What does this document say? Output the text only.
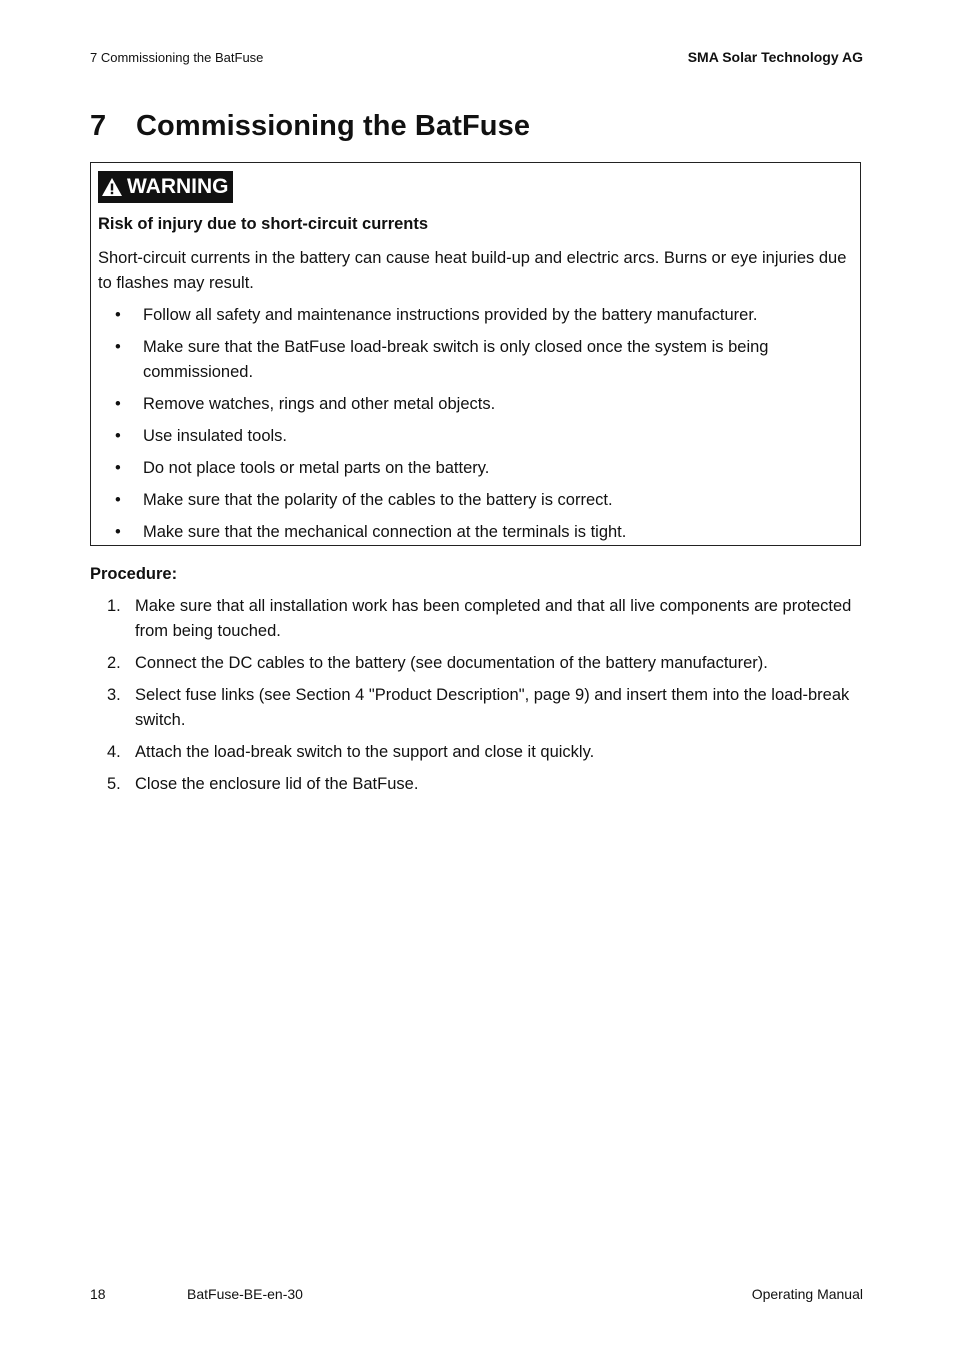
7 Commissioning the BatFuse	SMA Solar Technology AG
7 Commissioning the BatFuse
WARNING
Risk of injury due to short-circuit currents
Short-circuit currents in the battery can cause heat build-up and electric arcs. Burns or eye injuries due to flashes may result.
• Follow all safety and maintenance instructions provided by the battery manufacturer.
• Make sure that the BatFuse load-break switch is only closed once the system is being commissioned.
• Remove watches, rings and other metal objects.
• Use insulated tools.
• Do not place tools or metal parts on the battery.
• Make sure that the polarity of the cables to the battery is correct.
• Make sure that the mechanical connection at the terminals is tight.
Procedure:
1. Make sure that all installation work has been completed and that all live components are protected from being touched.
2. Connect the DC cables to the battery (see documentation of the battery manufacturer).
3. Select fuse links (see Section 4 "Product Description", page 9) and insert them into the load-break switch.
4. Attach the load-break switch to the support and close it quickly.
5. Close the enclosure lid of the BatFuse.
18	BatFuse-BE-en-30	Operating Manual
